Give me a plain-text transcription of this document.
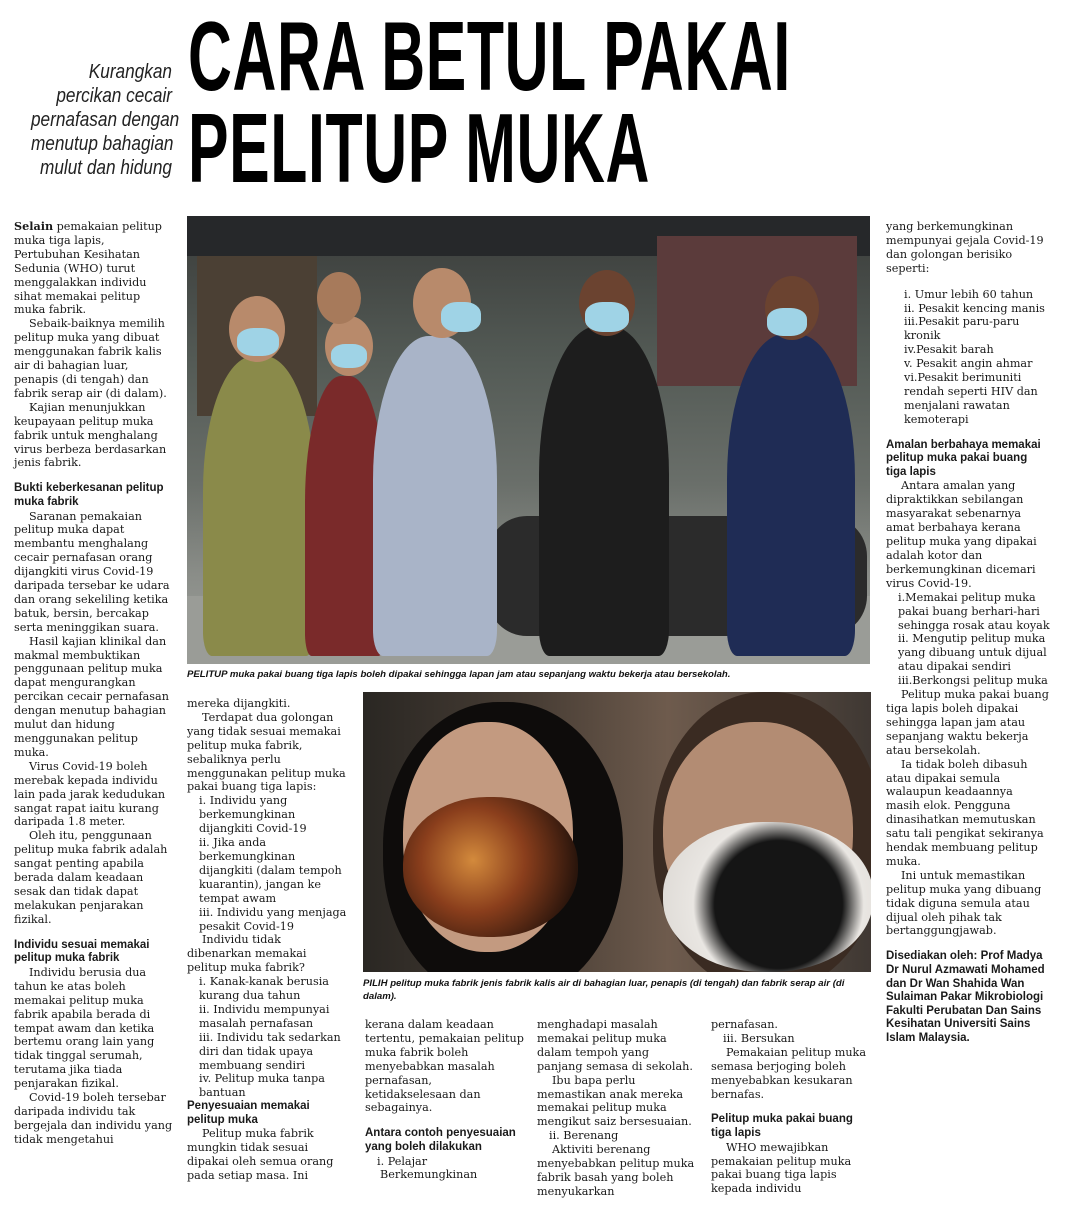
Kurangkan
percikan cecair
pernafasan dengan
menutup bahagian
mulut dan hidung
CARA BETUL PAKAI
PELITUP MUKA
PELITUP muka pakai buang tiga lapis boleh dipakai sehingga lapan jam atau sepanjang waktu bekerja atau bersekolah.
PILIH pelitup muka fabrik jenis fabrik kalis air di bahagian luar, penapis (di tengah) dan fabrik serap air (di dalam).

Selain pemakaian pelitup muka tiga lapis, Pertubuhan Kesihatan Sedunia (WHO) turut menggalakkan individu sihat memakai pelitup muka fabrik.

Sebaik-baiknya memilih pelitup muka yang dibuat menggunakan fabrik kalis air di bahagian luar, penapis (di tengah) dan fabrik serap air (di dalam).

Kajian menunjukkan keupayaan pelitup muka fabrik untuk menghalang virus berbeza berdasarkan jenis fabrik.

Bukti keberkesanan pelitup muka fabrik

Saranan pemakaian pelitup muka dapat membantu menghalang cecair pernafasan orang dijangkiti virus Covid-19 daripada tersebar ke udara dan orang sekeliling ketika batuk, bersin, bercakap serta meninggikan suara.

Hasil kajian klinikal dan makmal membuktikan penggunaan pelitup muka dapat mengurangkan percikan cecair pernafasan dengan menutup bahagian mulut dan hidung menggunakan pelitup muka.

Virus Covid-19 boleh merebak kepada individu lain pada jarak kedudukan sangat rapat iaitu kurang daripada 1.8 meter.

Oleh itu, penggunaan pelitup muka fabrik adalah sangat penting apabila berada dalam keadaan sesak dan tidak dapat melakukan penjarakan fizikal.

Individu sesuai memakai pelitup muka fabrik

Individu berusia dua tahun ke atas boleh memakai pelitup muka fabrik apabila berada di tempat awam dan ketika bertemu orang lain yang tidak tinggal serumah, terutama jika tiada penjarakan fizikal.

Covid-19 boleh tersebar daripada individu tak bergejala dan individu yang tidak mengetahui

mereka dijangkiti.

Terdapat dua golongan yang tidak sesuai memakai pelitup muka fabrik, sebaliknya perlu menggunakan pelitup muka pakai buang tiga lapis:

i. Individu yang berkemungkinan dijangkiti Covid-19

ii. Jika anda berkemungkinan dijangkiti (dalam tempoh kuarantin), jangan ke tempat awam

iii. Individu yang menjaga pesakit Covid-19

Individu tidak dibenarkan memakai pelitup muka fabrik?

i. Kanak-kanak berusia kurang dua tahun

ii. Individu mempunyai masalah pernafasan

iii. Individu tak sedarkan diri dan tidak upaya membuang sendiri

iv. Pelitup muka tanpa bantuan

Penyesuaian memakai pelitup muka

Pelitup muka fabrik mungkin tidak sesuai dipakai oleh semua orang pada setiap masa. Ini

kerana dalam keadaan tertentu, pemakaian pelitup muka fabrik boleh menyebabkan masalah pernafasan, ketidakselesaan dan sebagainya.

Antara contoh penyesuaian yang boleh dilakukan

i. Pelajar

Berkemungkinan

menghadapi masalah memakai pelitup muka dalam tempoh yang panjang semasa di sekolah.

Ibu bapa perlu memastikan anak mereka memakai pelitup muka mengikut saiz bersesuaian.

ii. Berenang

Aktiviti berenang menyebabkan pelitup muka fabrik basah yang boleh menyukarkan

pernafasan.

iii. Bersukan

Pemakaian pelitup muka semasa berjoging boleh menyebabkan kesukaran bernafas.

Pelitup muka pakai buang tiga lapis

WHO mewajibkan pemakaian pelitup muka pakai buang tiga lapis kepada individu

yang berkemungkinan mempunyai gejala Covid-19 dan golongan berisiko seperti:

i. Umur lebih 60 tahun

ii. Pesakit kencing manis

iii.Pesakit paru-paru kronik

iv.Pesakit barah

v. Pesakit angin ahmar

vi.Pesakit berimuniti rendah seperti HIV dan menjalani rawatan kemoterapi

Amalan berbahaya memakai pelitup muka pakai buang tiga lapis

Antara amalan yang dipraktikkan sebilangan masyarakat sebenarnya amat berbahaya kerana pelitup muka yang dipakai adalah kotor dan berkemungkinan dicemari virus Covid-19.

i.Memakai pelitup muka pakai buang berhari-hari sehingga rosak atau koyak

ii. Mengutip pelitup muka yang dibuang untuk dijual atau dipakai sendiri

iii.Berkongsi pelitup muka

Pelitup muka pakai buang tiga lapis boleh dipakai sehingga lapan jam atau sepanjang waktu bekerja atau bersekolah.

Ia tidak boleh dibasuh atau dipakai semula walaupun keadaannya masih elok. Pengguna dinasihatkan memutuskan satu tali pengikat sekiranya hendak membuang pelitup muka.

Ini untuk memastikan pelitup muka yang dibuang tidak diguna semula atau dijual oleh pihak tak bertanggungjawab.

Disediakan oleh: Prof Madya Dr Nurul Azmawati Mohamed dan Dr Wan Shahida Wan Sulaiman Pakar Mikrobiologi Fakulti Perubatan Dan Sains Kesihatan Universiti Sains Islam Malaysia.
